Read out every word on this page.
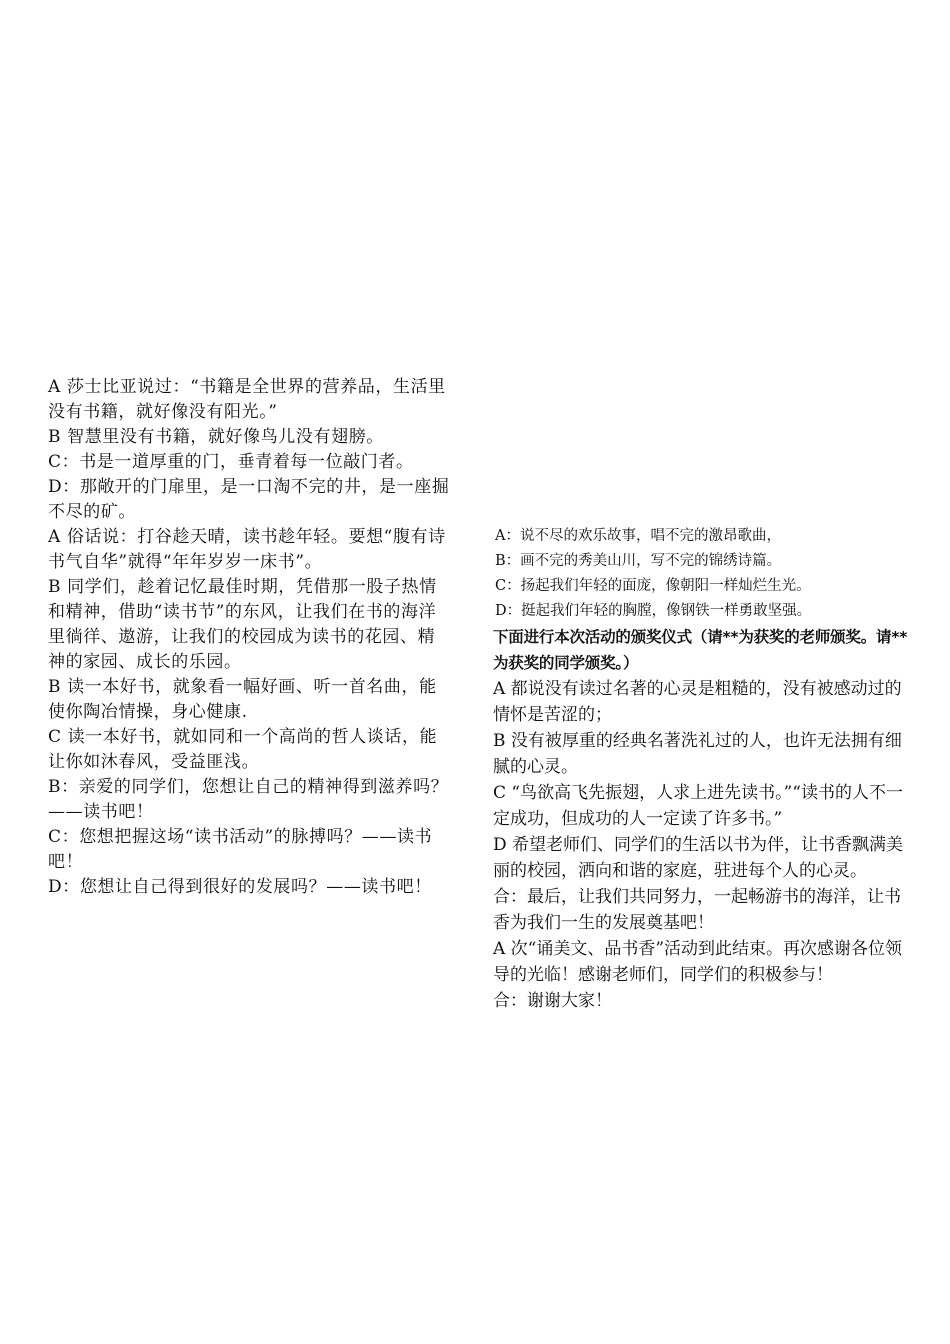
A 莎士比亚说过：“书籍是全世界的营养品，生活里没有书籍，就好像没有阳光。”

B 智慧里没有书籍，就好像鸟儿没有翅膀。

C：书是一道厚重的门，垂青着每一位敲门者。

D：那敞开的门扉里，是一口淘不完的井，是一座掘不尽的矿。

A 俗话说：打谷趁天晴，读书趁年轻。要想“腹有诗书气自华”就得“年年岁岁一床书”。

B 同学们，趁着记忆最佳时期，凭借那一股子热情和精神，借助“读书节”的东风，让我们在书的海洋里徜徉、遨游，让我们的校园成为读书的花园、精神的家园、成长的乐园。

B 读一本好书，就象看一幅好画、听一首名曲，能使你陶冶情操，身心健康.

C 读一本好书，就如同和一个高尚的哲人谈话，能让你如沐春风，受益匪浅。

B：亲爱的同学们，您想让自己的精神得到滋养吗？——读书吧！

C：您想把握这场“读书活动”的脉搏吗？——读书吧！

D：您想让自己得到很好的发展吗？——读书吧！

A：说不尽的欢乐故事，唱不完的激昂歌曲，

B：画不完的秀美山川，写不完的锦绣诗篇。

C：扬起我们年轻的面庞，像朝阳一样灿烂生光。

D：挺起我们年轻的胸膛，像钢铁一样勇敢坚强。

下面进行本次活动的颁奖仪式（请**为获奖的老师颁奖。请**为获奖的同学颁奖。）

A 都说没有读过名著的心灵是粗糙的，没有被感动过的情怀是苦涩的；

B 没有被厚重的经典名著洗礼过的人，也许无法拥有细腻的心灵。

C “鸟欲高飞先振翅，人求上进先读书。”“读书的人不一定成功，但成功的人一定读了许多书。”

D 希望老师们、同学们的生活以书为伴，让书香飘满美丽的校园，洒向和谐的家庭，驻进每个人的心灵。

合：最后，让我们共同努力，一起畅游书的海洋，让书香为我们一生的发展奠基吧！

A 次“诵美文、品书香”活动到此结束。再次感谢各位领导的光临！感谢老师们，同学们的积极参与！

合：谢谢大家！
